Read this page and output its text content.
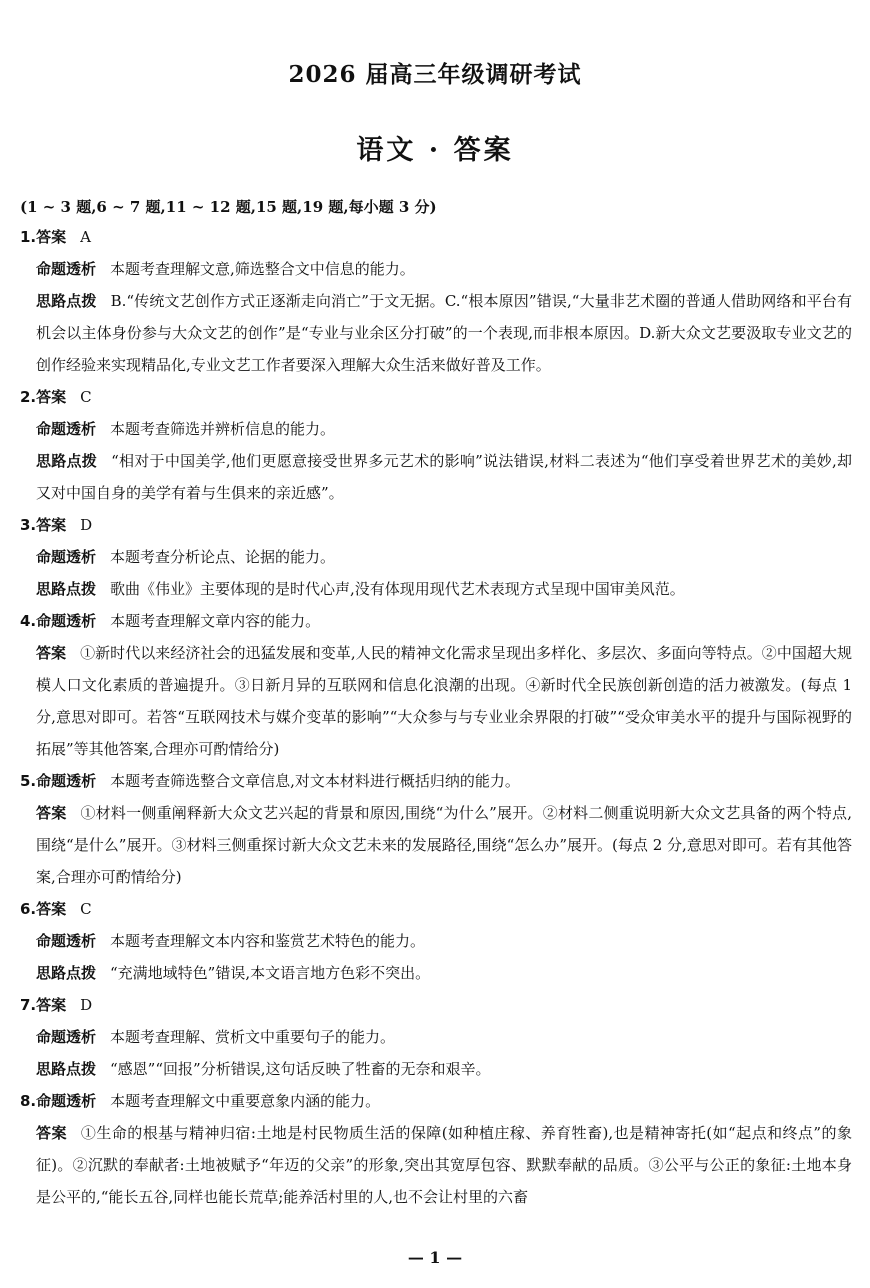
2026 届高三年级调研考试
语文 · 答案
(1 ~ 3 题,6 ~ 7 题,11 ~ 12 题,15 题,19 题,每小题 3 分)
1.答案 A
命题透析 本题考查理解文意,筛选整合文中信息的能力。
思路点拨 B.“传统文艺创作方式正逐渐走向消亡”于文无据。C.“根本原因”错误,“大量非艺术圈的普通人借助网络和平台有机会以主体身份参与大众文艺的创作”是“专业与业余区分打破”的一个表现,而非根本原因。D.新大众文艺要汲取专业文艺的创作经验来实现精品化,专业文艺工作者要深入理解大众生活来做好普及工作。
2.答案 C
命题透析 本题考查筛选并辨析信息的能力。
思路点拨 “相对于中国美学,他们更愿意接受世界多元艺术的影响”说法错误,材料二表述为“他们享受着世界艺术的美妙,却又对中国自身的美学有着与生俱来的亲近感”。
3.答案 D
命题透析 本题考查分析论点、论据的能力。
思路点拨 歌曲《伟业》主要体现的是时代心声,没有体现用现代艺术表现方式呈现中国审美风范。
4.命题透析 本题考查理解文章内容的能力。
答案 ①新时代以来经济社会的迅猛发展和变革,人民的精神文化需求呈现出多样化、多层次、多面向等特点。②中国超大规模人口文化素质的普遍提升。③日新月异的互联网和信息化浪潮的出现。④新时代全民族创新创造的活力被激发。(每点 1 分,意思对即可。若答“互联网技术与媒介变革的影响”“大众参与与专业业余界限的打破”“受众审美水平的提升与国际视野的拓展”等其他答案,合理亦可酌情给分)
5.命题透析 本题考查筛选整合文章信息,对文本材料进行概括归纳的能力。
答案 ①材料一侧重阐释新大众文艺兴起的背景和原因,围绕“为什么”展开。②材料二侧重说明新大众文艺具备的两个特点,围绕“是什么”展开。③材料三侧重探讨新大众文艺未来的发展路径,围绕“怎么办”展开。(每点 2 分,意思对即可。若有其他答案,合理亦可酌情给分)
6.答案 C
命题透析 本题考查理解文本内容和鉴赏艺术特色的能力。
思路点拨 “充满地域特色”错误,本文语言地方色彩不突出。
7.答案 D
命题透析 本题考查理解、赏析文中重要句子的能力。
思路点拨 “感恩”“回报”分析错误,这句话反映了牲畜的无奈和艰辛。
8.命题透析 本题考查理解文中重要意象内涵的能力。
答案 ①生命的根基与精神归宿:土地是村民物质生活的保障(如种植庄稼、养育牲畜),也是精神寄托(如“起点和终点”的象征)。②沉默的奉献者:土地被赋予“年迈的父亲”的形象,突出其宽厚包容、默默奉献的品质。③公平与公正的象征:土地本身是公平的,“能长五谷,同样也能长荒草;能养活村里的人,也不会让村里的六畜
— 1 —
